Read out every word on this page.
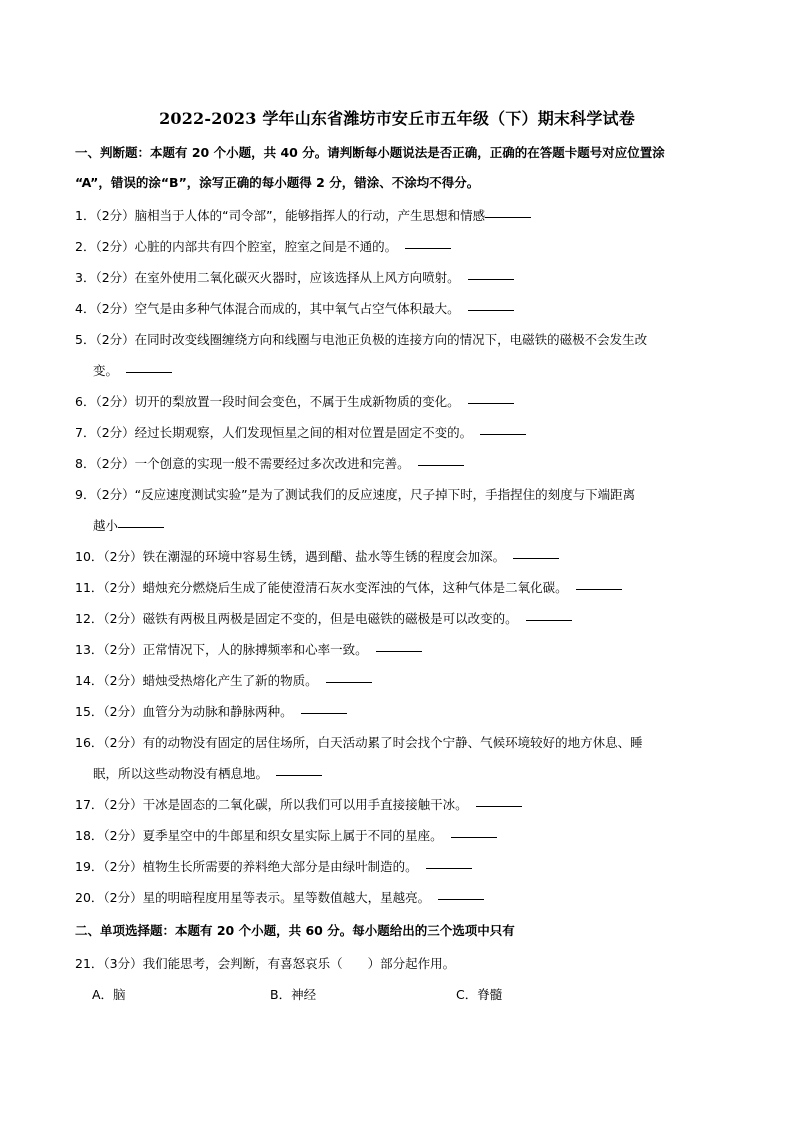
2022-2023 学年山东省潍坊市安丘市五年级（下）期末科学试卷
一、判断题：本题有 20 个小题，共 40 分。请判断每小题说法是否正确，正确的在答题卡题号对应位置涂
“A”，错误的涂“B”，涂写正确的每小题得 2 分，错涂、不涂均不得分。
1．（2分）脑相当于人体的“司令部”，能够指挥人的行动，产生思想和情感
2．（2分）心脏的内部共有四个腔室，腔室之间是不通的。
3．（2分）在室外使用二氧化碳灭火器时，应该选择从上风方向喷射。
4．（2分）空气是由多种气体混合而成的，其中氧气占空气体积最大。
5．（2分）在同时改变线圈缠绕方向和线圈与电池正负极的连接方向的情况下，电磁铁的磁极不会发生改
变。
6．（2分）切开的梨放置一段时间会变色，不属于生成新物质的变化。
7．（2分）经过长期观察，人们发现恒星之间的相对位置是固定不变的。
8．（2分）一个创意的实现一般不需要经过多次改进和完善。
9．（2分）“反应速度测试实验”是为了测试我们的反应速度，尺子掉下时，手指捏住的刻度与下端距离
越小
10．（2分）铁在潮湿的环境中容易生锈，遇到醋、盐水等生锈的程度会加深。
11．（2分）蜡烛充分燃烧后生成了能使澄清石灰水变浑浊的气体，这种气体是二氧化碳。
12．（2分）磁铁有两极且两极是固定不变的，但是电磁铁的磁极是可以改变的。
13．（2分）正常情况下，人的脉搏频率和心率一致。
14．（2分）蜡烛受热熔化产生了新的物质。
15．（2分）血管分为动脉和静脉两种。
16．（2分）有的动物没有固定的居住场所，白天活动累了时会找个宁静、气候环境较好的地方休息、睡
眠，所以这些动物没有栖息地。
17．（2分）干冰是固态的二氧化碳，所以我们可以用手直接接触干冰。
18．（2分）夏季星空中的牛郎星和织女星实际上属于不同的星座。
19．（2分）植物生长所需要的养料绝大部分是由绿叶制造的。
20．（2分）星的明暗程度用星等表示。星等数值越大，星越亮。
二、单项选择题：本题有 20 个小题，共 60 分。每小题给出的三个选项中只有
21．（3分）我们能思考，会判断，有喜怒哀乐（　　）部分起作用。
A．脑	B．神经	C．脊髓
